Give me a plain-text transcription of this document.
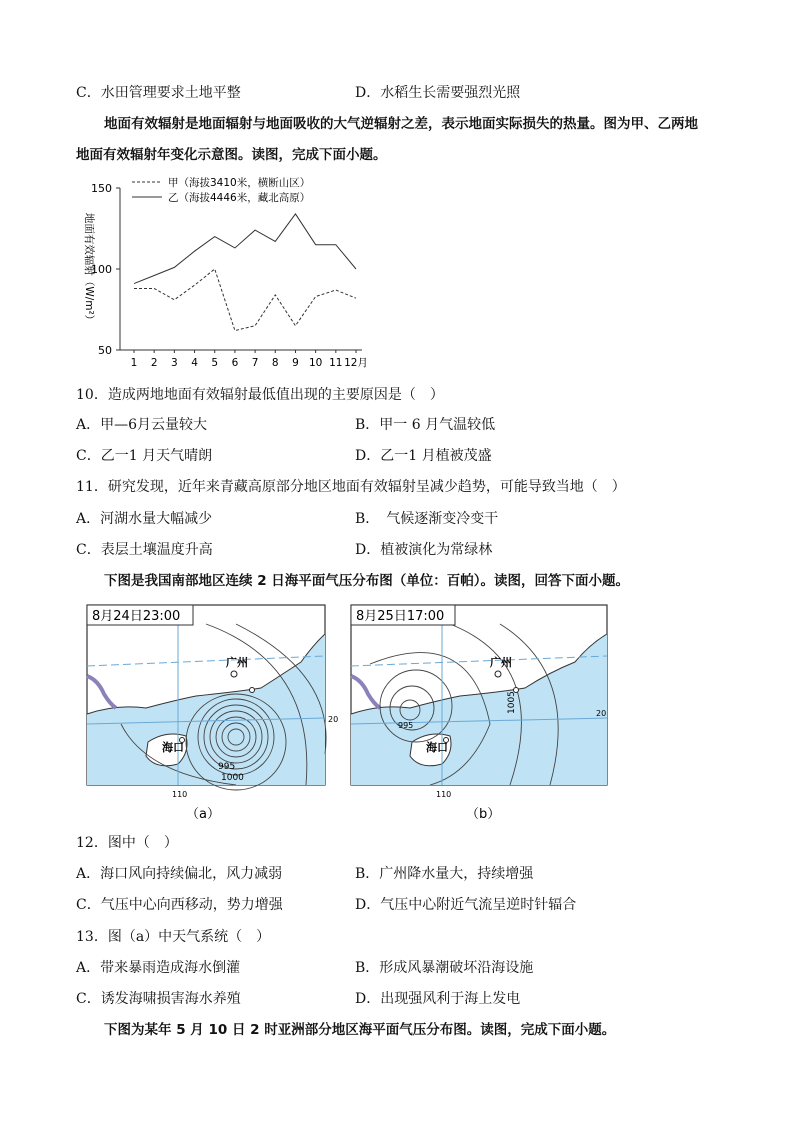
C．水田管理要求土地平整	D．水稻生长需要强烈光照
地面有效辐射是地面辐射与地面吸收的大气逆辐射之差，表示地面实际损失的热量。图为甲、乙两地
地面有效辐射年变化示意图。读图，完成下面小题。
50
100
150
1 2 3 4 5 6 7 8 9 10 11 12月
地面有效辐射（W/m²）
甲（海拔3410米，横断山区）
乙（海拔4446米，藏北高原）
10．造成两地地面有效辐射最低值出现的主要原因是（　）
A．甲—6月云量较大	B．甲一 6 月气温较低
C．乙一1 月天气晴朗	D．乙一1 月植被茂盛
11．研究发现，近年来青藏高原部分地区地面有效辐射呈减少趋势，可能导致当地（　）
A．河湖水量大幅减少	B．　气候逐渐变冷变干
C．表层土壤温度升高	D．植被演化为常绿林
下图是我国南部地区连续 2 日海平面气压分布图（单位：百帕）。读图，回答下面小题。
8月24日23:00
广州
海口
995
1000
20
110
（a）
8月25日17:00
广州
海口
1005
995
20
110
（b）
12．图中（　）
A．海口风向持续偏北，风力减弱	B．广州降水量大，持续增强
C．气压中心向西移动，势力增强	D．气压中心附近气流呈逆时针辐合
13．图（a）中天气系统（　）
A．带来暴雨造成海水倒灌	B．形成风暴潮破坏沿海设施
C．诱发海啸损害海水养殖	D．出现强风利于海上发电
下图为某年 5 月 10 日 2 时亚洲部分地区海平面气压分布图。读图，完成下面小题。
